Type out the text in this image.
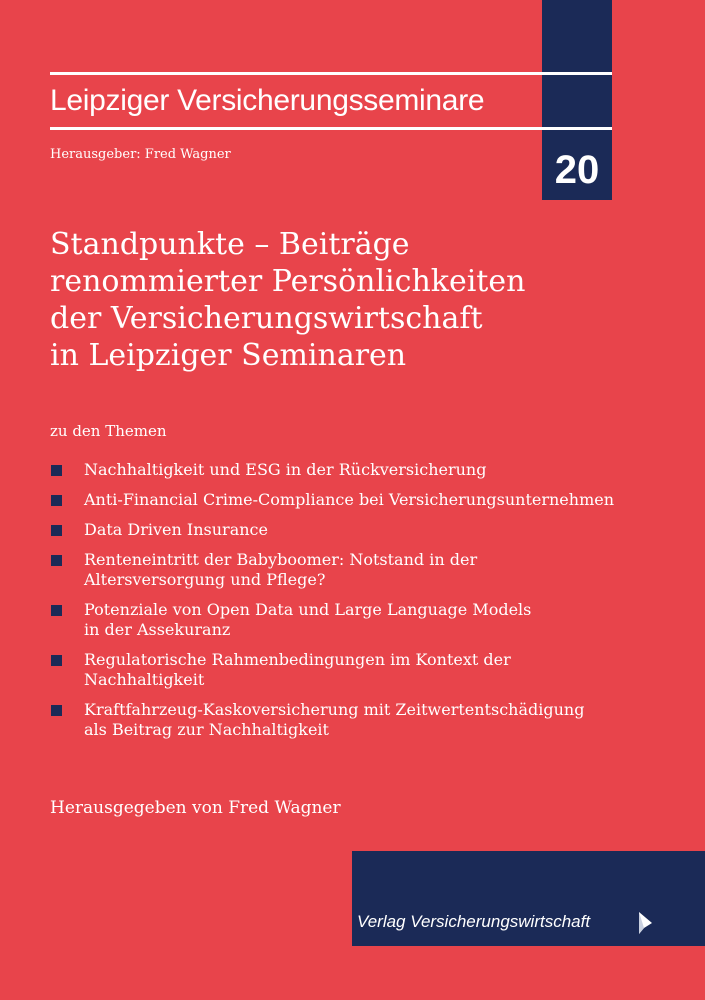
20
Leipziger Versicherungsseminare
Herausgeber: Fred Wagner
Standpunkte – Beiträge
renommierter Persönlichkeiten
der Versicherungswirtschaft
in Leipziger Seminaren
zu den Themen
Nachhaltigkeit und ESG in der Rückversicherung
Anti-Financial Crime-Compliance bei Versicherungsunternehmen
Data Driven Insurance
Renteneintritt der Babyboomer: Notstand in der
Altersversorgung und Pflege?
Potenziale von Open Data und Large Language Models
in der Assekuranz
Regulatorische Rahmenbedingungen im Kontext der
Nachhaltigkeit
Kraftfahrzeug-Kaskoversicherung mit Zeitwertentschädigung
als Beitrag zur Nachhaltigkeit
Herausgegeben von Fred Wagner
Verlag Versicherungswirtschaft
